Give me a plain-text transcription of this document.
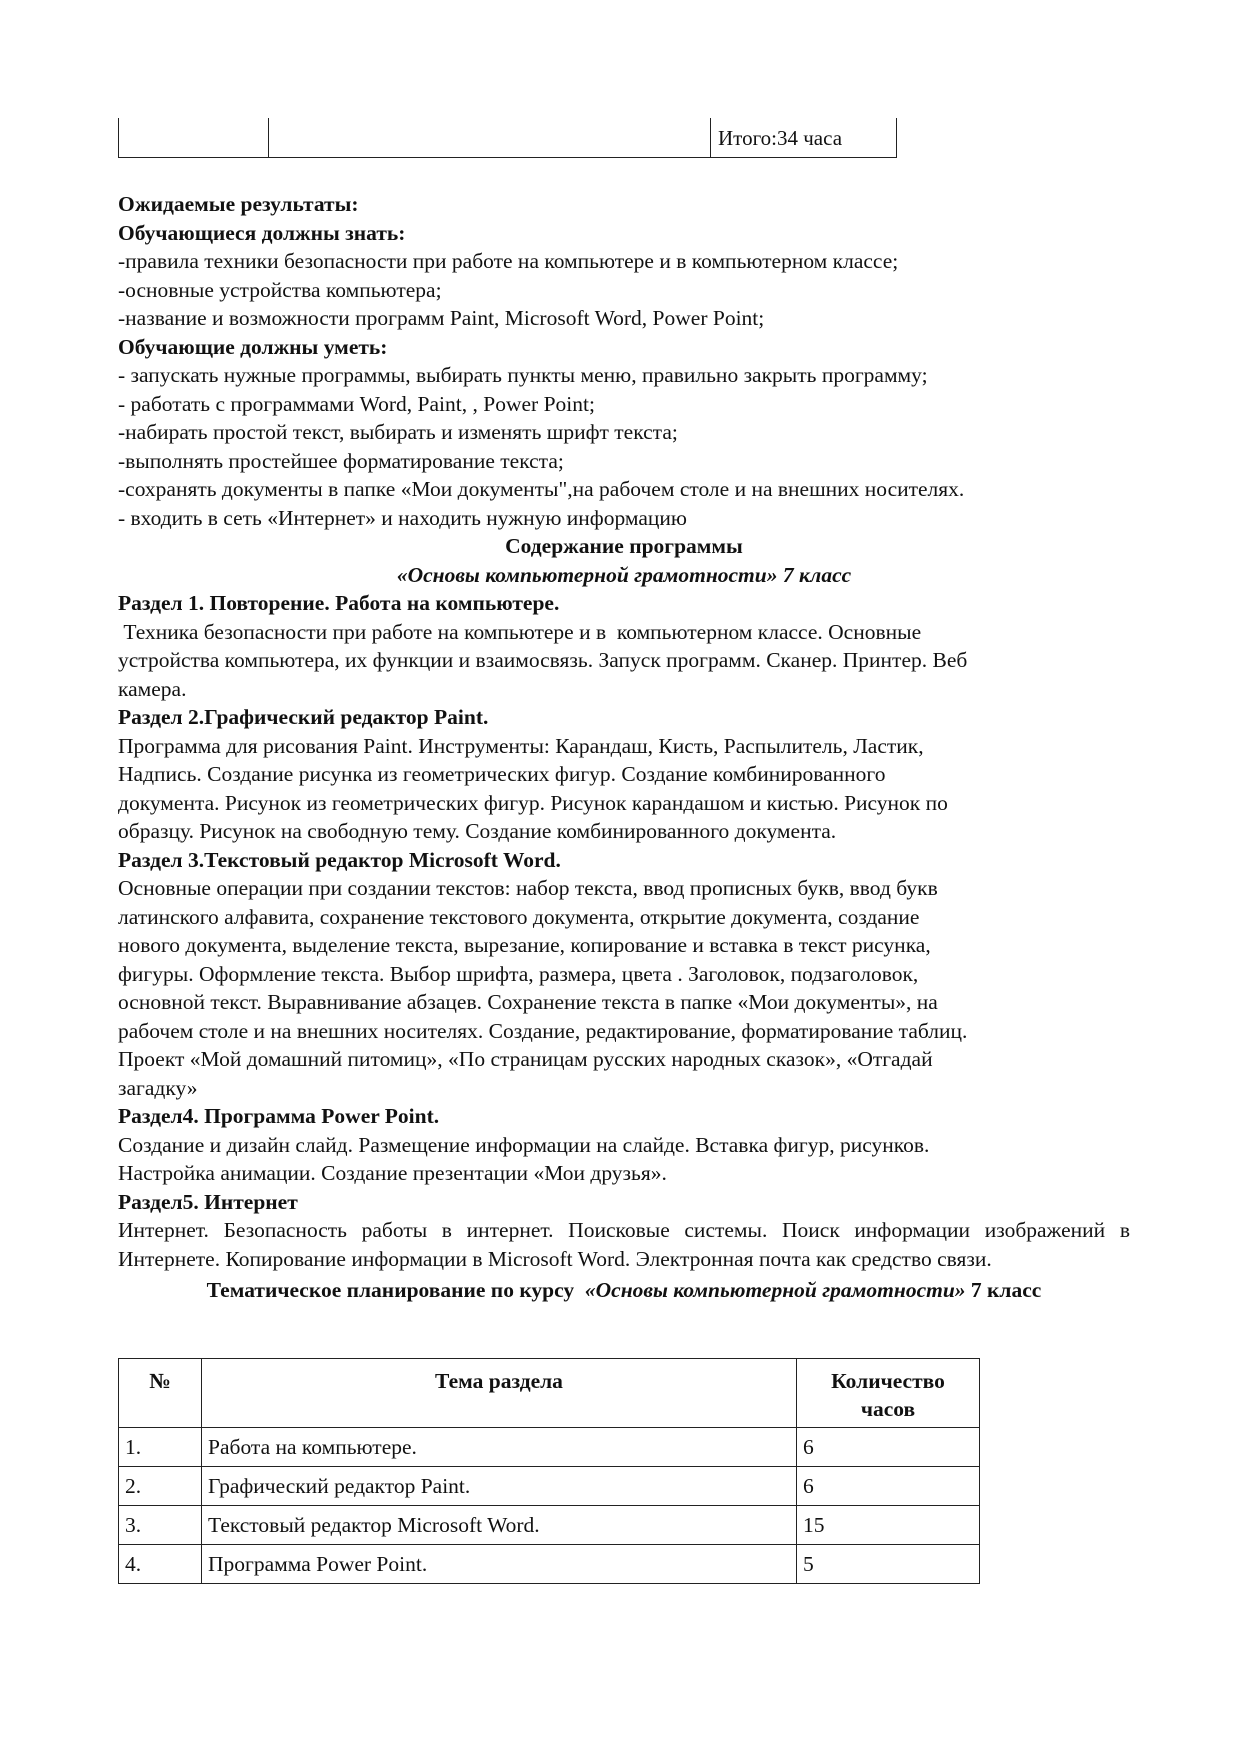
Итого:34 часа
Ожидаемые результаты:
Обучающиеся должны знать:
-правила техники безопасности при работе на компьютере и в компьютерном классе;
-основные устройства компьютера;
-название и возможности программ Paint, Microsoft Word, Power Point;
Обучающие должны уметь:
- запускать нужные программы, выбирать пункты меню, правильно закрыть программу;
- работать с программами Word, Paint, , Power Point;
-набирать простой текст, выбирать и изменять шрифт текста;
-выполнять простейшее форматирование текста;
-сохранять документы в папке «Мои документы",на рабочем столе и на внешних носителях.
- входить в сеть «Интернет» и находить нужную информацию
Содержание программы
«Основы компьютерной грамотности» 7 класс
Раздел 1. Повторение. Работа на компьютере.
Техника безопасности при работе на компьютере и в  компьютерном классе. Основные
устройства компьютера, их функции и взаимосвязь. Запуск программ. Сканер. Принтер. Веб
камера.
Раздел 2.Графический редактор Paint.
Программа для рисования Paint. Инструменты: Карандаш, Кисть, Распылитель, Ластик,
Надпись. Создание рисунка из геометрических фигур. Создание комбинированного
документа. Рисунок из геометрических фигур. Рисунок карандашом и кистью. Рисунок по
образцу. Рисунок на свободную тему. Создание комбинированного документа.
Раздел 3.Текстовый редактор Microsoft Word.
Основные операции при создании текстов: набор текста, ввод прописных букв, ввод букв
латинского алфавита, сохранение текстового документа, открытие документа, создание
нового документа, выделение текста, вырезание, копирование и вставка в текст рисунка,
фигуры. Оформление текста. Выбор шрифта, размера, цвета . Заголовок, подзаголовок,
основной текст. Выравнивание абзацев. Сохранение текста в папке «Мои документы», на
рабочем столе и на внешних носителях. Создание, редактирование, форматирование таблиц.
Проект «Мой домашний питомиц», «По страницам русских народных сказок», «Отгадай
загадку»
Раздел4. Программа Power Point.
Создание и дизайн слайд. Размещение информации на слайде. Вставка фигур, рисунков.
Настройка анимации. Создание презентации «Мои друзья».
Раздел5. Интернет
Интернет. Безопасность работы в интернет. Поисковые системы. Поиск информации изображений в Интернете. Копирование информации в Microsoft Word. Электронная почта как средство связи.
Тематическое планирование по курсу  «Основы компьютерной грамотности» 7 класс
№	Тема раздела	Количество часов
1.	Работа на компьютере.	6
2.	Графический редактор Paint.	6
3.	Текстовый редактор Microsoft Word.	15
4.	Программа Power Point.	5
